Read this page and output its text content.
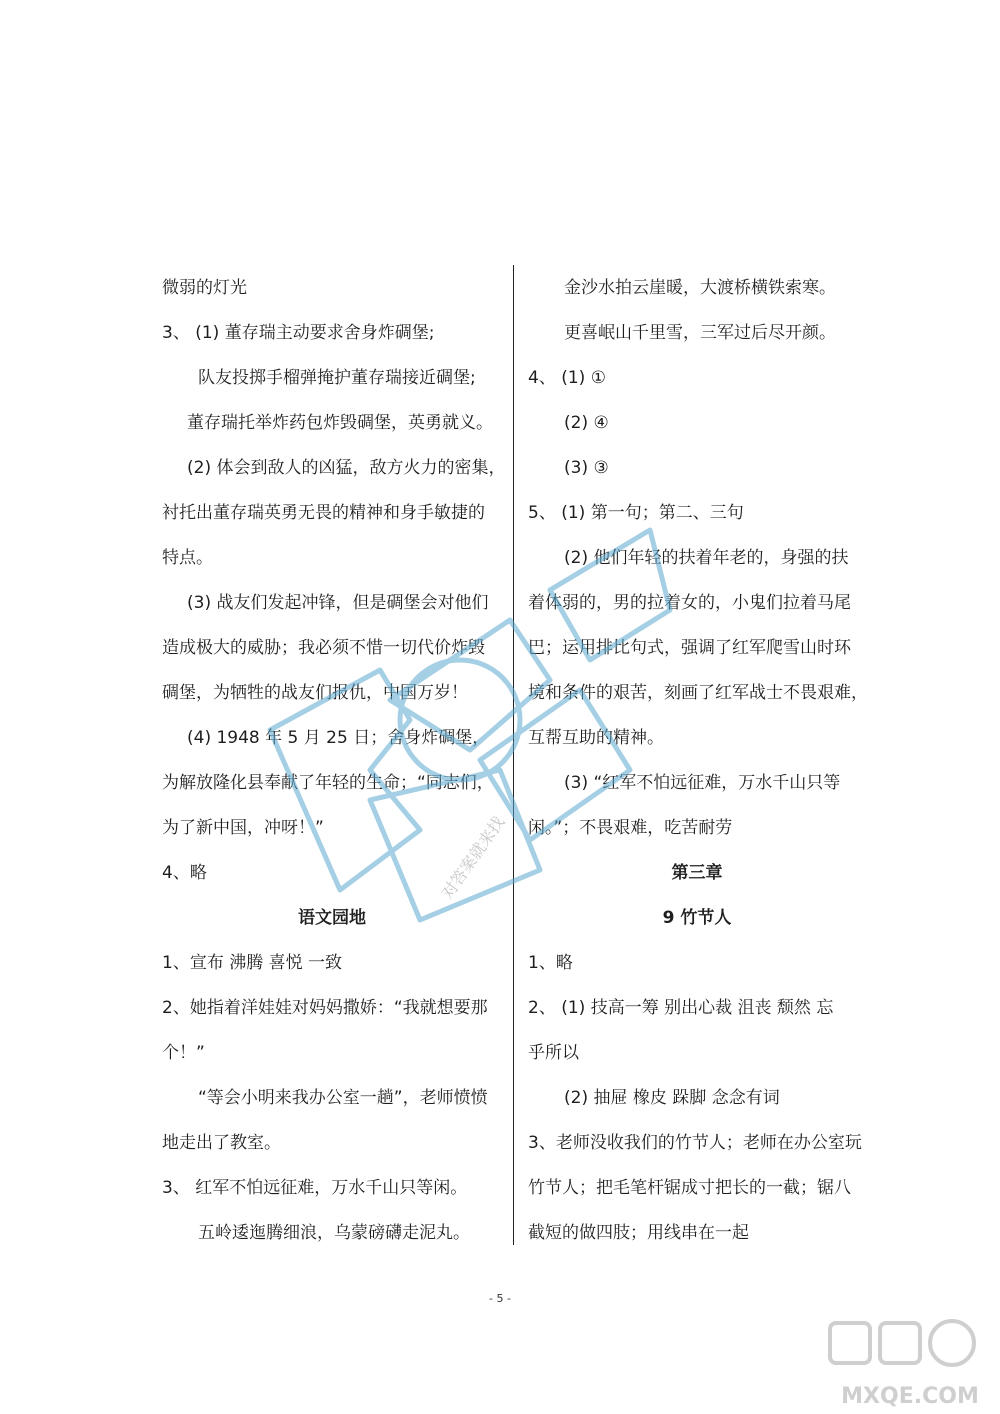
微弱的灯光
3、 (1) 董存瑞主动要求舍身炸碉堡;
队友投掷手榴弹掩护董存瑞接近碉堡;
董存瑞托举炸药包炸毁碉堡，英勇就义。
(2) 体会到敌人的凶猛，敌方火力的密集，
衬托出董存瑞英勇无畏的精神和身手敏捷的
特点。
(3) 战友们发起冲锋，但是碉堡会对他们
造成极大的威胁；我必须不惜一切代价炸毁
碉堡，为牺牲的战友们报仇，中国万岁！
(4) 1948 年 5 月 25 日；舍身炸碉堡，
为解放隆化县奉献了年轻的生命；“同志们，
为了新中国，冲呀！”
4、略
语文园地
1、宣布 沸腾 喜悦 一致
2、她指着洋娃娃对妈妈撒娇：“我就想要那
个！”
“等会小明来我办公室一趟”，老师愤愤
地走出了教室。
3、 红军不怕远征难，万水千山只等闲。
五岭逶迤腾细浪，乌蒙磅礴走泥丸。
金沙水拍云崖暖，大渡桥横铁索寒。
更喜岷山千里雪，三军过后尽开颜。
4、 (1) ①
(2) ④
(3) ③
5、 (1) 第一句；第二、三句
(2) 他们年轻的扶着年老的，身强的扶
着体弱的，男的拉着女的，小鬼们拉着马尾
巴；运用排比句式，强调了红军爬雪山时环
境和条件的艰苦，刻画了红军战士不畏艰难，
互帮互助的精神。
(3) “红军不怕远征难，万水千山只等
闲。”；不畏艰难，吃苦耐劳
第三章
9 竹节人
1、略
2、 (1) 技高一筹 别出心裁 沮丧 颓然 忘
乎所以
(2) 抽屉 橡皮 跺脚 念念有词
3、老师没收我们的竹节人；老师在办公室玩
竹节人；把毛笔杆锯成寸把长的一截；锯八
截短的做四肢；用线串在一起
- 5 -
对答案就来找
MXQE.COM
